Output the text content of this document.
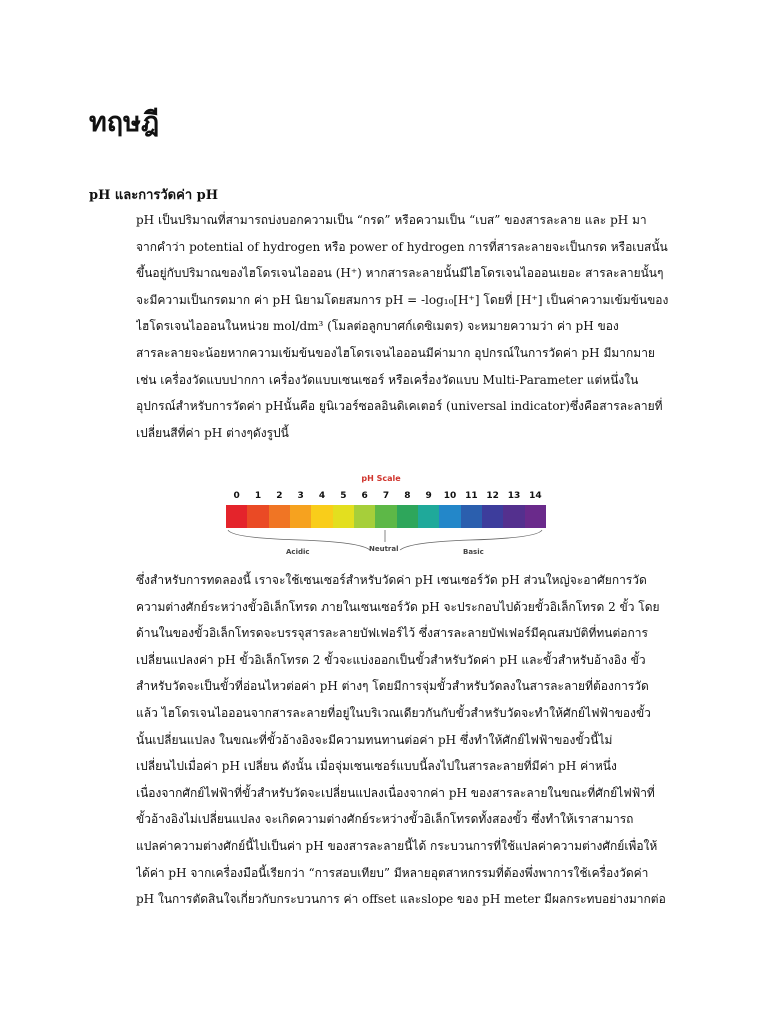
ทฤษฎี
pH และการวัดค่า pH
pH เป็นปริมาณที่สามารถบ่งบอกความเป็น “กรด” หรือความเป็น “เบส” ของสารละลาย และ pH มา
จากคำว่า potential of hydrogen หรือ power of hydrogen การที่สารละลายจะเป็นกรด หรือเบสนั้น
ขึ้นอยู่กับปริมาณของไฮโดรเจนไอออน (H⁺) หากสารละลายนั้นมีไฮโดรเจนไอออนเยอะ สารละลายนั้นๆ
จะมีความเป็นกรดมาก ค่า pH นิยามโดยสมการ pH = -log₁₀[H⁺] โดยที่ [H⁺] เป็นค่าความเข้มข้นของ
ไฮโดรเจนไอออนในหน่วย mol/dm³ (โมลต่อลูกบาศก์เดซิเมตร) จะหมายความว่า ค่า pH ของ
สารละลายจะน้อยหากความเข้มข้นของไฮโดรเจนไอออนมีค่ามาก อุปกรณ์ในการวัดค่า pH มีมากมาย
เช่น เครื่องวัดแบบปากกา เครื่องวัดแบบเซนเซอร์ หรือเครื่องวัดแบบ Multi-Parameter แต่หนึ่งใน
อุปกรณ์สำหรับการวัดค่า pHนั้นคือ ยูนิเวอร์ซอลอินดิเคเตอร์ (universal indicator)ซึ่งคือสารละลายที่
เปลี่ยนสีที่ค่า pH ต่างๆดังรูปนี้
pH Scale
0	1	2	3	4	5	6	7	8	9	10 11 12 13 14
Acidic	Neutral	Basic
ซึ่งสำหรับการทดลองนี้ เราจะใช้เซนเซอร์สำหรับวัดค่า pH เซนเซอร์วัด pH ส่วนใหญ่จะอาศัยการวัด
ความต่างศักย์ระหว่างขั้วอิเล็กโทรด ภายในเซนเซอร์วัด pH จะประกอบไปด้วยขั้วอิเล็กโทรด 2 ขั้ว โดย
ด้านในของขั้วอิเล็กโทรดจะบรรจุสารละลายบัฟเฟอร์ไว้ ซึ่งสารละลายบัฟเฟอร์มีคุณสมบัติที่ทนต่อการ
เปลี่ยนแปลงค่า pH ขั้วอิเล็กโทรด 2 ขั้วจะแบ่งออกเป็นขั้วสำหรับวัดค่า pH และขั้วสำหรับอ้างอิง ขั้ว
สำหรับวัดจะเป็นขั้วที่อ่อนไหวต่อค่า pH ต่างๆ โดยมีการจุ่มขั้วสำหรับวัดลงในสารละลายที่ต้องการวัด
แล้ว ไฮโดรเจนไอออนจากสารละลายที่อยู่ในบริเวณเดียวกันกับขั้วสำหรับวัดจะทำให้ศักย์ไฟฟ้าของขั้ว
นั้นเปลี่ยนแปลง ในขณะที่ขั้วอ้างอิงจะมีความทนทานต่อค่า pH ซึ่งทำให้ศักย์ไฟฟ้าของขั้วนี้ไม่
เปลี่ยนไปเมื่อค่า pH เปลี่ยน ดังนั้น เมื่อจุ่มเซนเซอร์แบบนี้ลงไปในสารละลายที่มีค่า pH ค่าหนึ่ง
เนื่องจากศักย์ไฟฟ้าที่ขั้วสำหรับวัดจะเปลี่ยนแปลงเนื่องจากค่า pH ของสารละลายในขณะที่ศักย์ไฟฟ้าที่
ขั้วอ้างอิงไม่เปลี่ยนแปลง จะเกิดความต่างศักย์ระหว่างขั้วอิเล็กโทรดทั้งสองขั้ว ซึ่งทำให้เราสามารถ
แปลค่าความต่างศักย์นี้ไปเป็นค่า pH ของสารละลายนี้ได้ กระบวนการที่ใช้แปลค่าความต่างศักย์เพื่อให้
ได้ค่า pH จากเครื่องมือนี้เรียกว่า “การสอบเทียบ” มีหลายอุตสาหกรรมที่ต้องพึ่งพาการใช้เครื่องวัดค่า
pH ในการตัดสินใจเกี่ยวกับกระบวนการ ค่า offset และslope ของ pH meter มีผลกระทบอย่างมากต่อ
